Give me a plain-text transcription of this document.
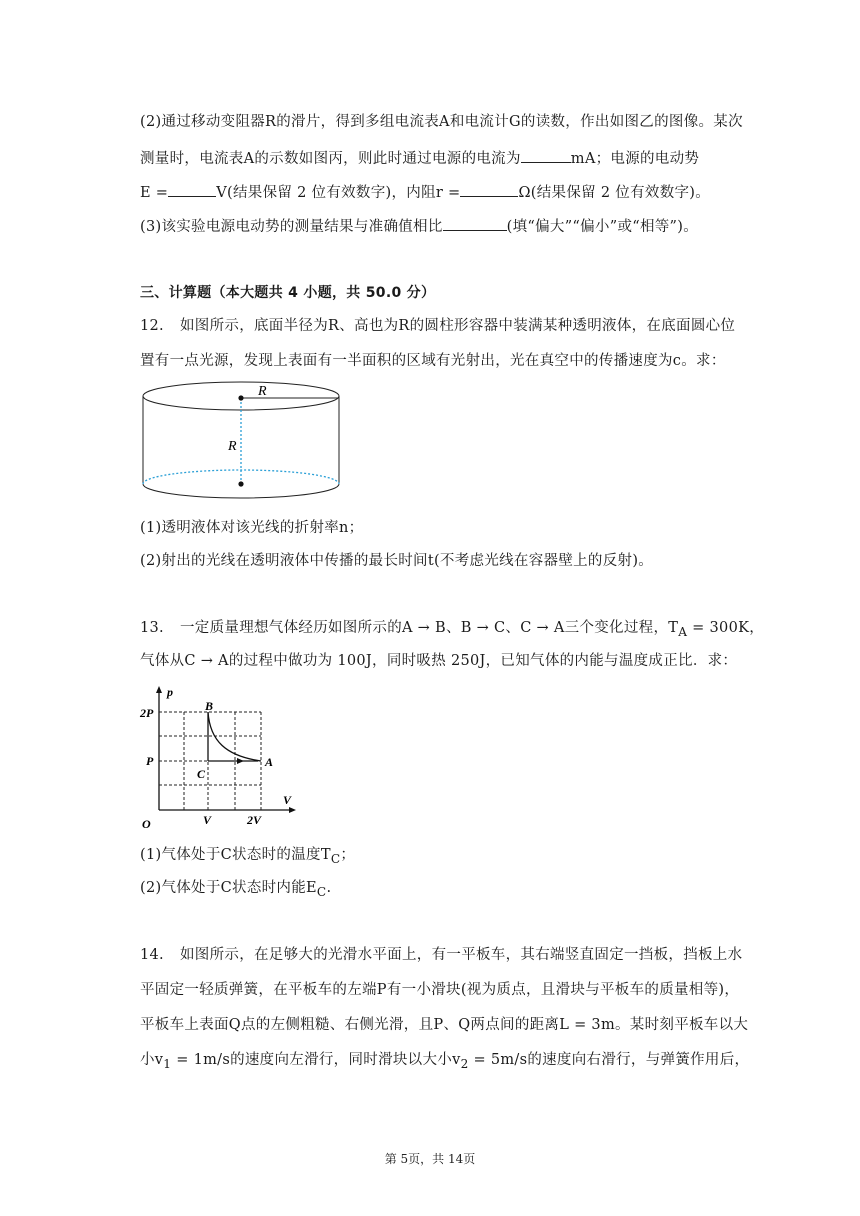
(2)通过移动变阻器R的滑片，得到多组电流表A和电流计G的读数，作出如图乙的图像。某次
测量时，电流表A的示数如图丙，则此时通过电源的电流为	mA；电源的电动势
E =	V(结果保留 2 位有效数字)，内阻r =	Ω(结果保留 2 位有效数字)。
(3)该实验电源电动势的测量结果与准确值相比	(填“偏大”“偏小”或“相等”)。
三、计算题（本大题共 4 小题，共 50.0 分）
12. 如图所示，底面半径为R、高也为R的圆柱形容器中装满某种透明液体，在底面圆心位
置有一点光源，发现上表面有一半面积的区域有光射出，光在真空中的传播速度为c。求：
R
R
(1)透明液体对该光线的折射率n；
(2)射出的光线在透明液体中传播的最长时间t(不考虑光线在容器壁上的反射)。
13. 一定质量理想气体经历如图所示的A → B、B → C、C → A三个变化过程，$T_A = 300K$，
气体从C → A的过程中做功为 100J，同时吸热 250J，已知气体的内能与温度成正比．求：
p
V
O
2P
P
V	2V
B
C
A
(1)气体处于C状态时的温度$T_C$；
(2)气体处于C状态时内能$E_C$.
14. 如图所示，在足够大的光滑水平面上，有一平板车，其右端竖直固定一挡板，挡板上水
平固定一轻质弹簧，在平板车的左端P有一小滑块(视为质点，且滑块与平板车的质量相等)，
平板车上表面Q点的左侧粗糙、右侧光滑，且P、Q两点间的距离L = 3m。某时刻平板车以大
小$v_1 = 1m/s$的速度向左滑行，同时滑块以大小$v_2 = 5m/s$的速度向右滑行，与弹簧作用后，
第 5页，共 14页
